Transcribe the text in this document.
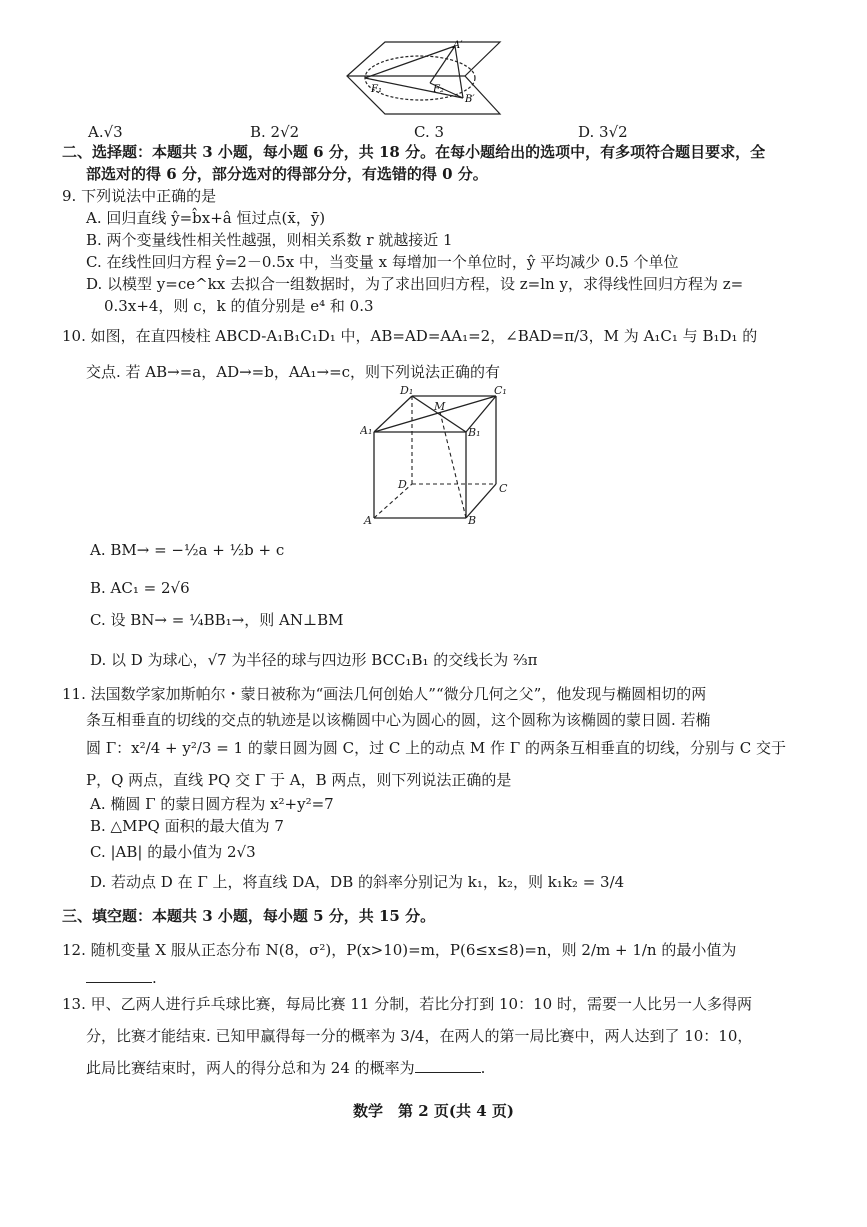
A′
F₁	F₂
B′
A.√3	B. 2√2	C. 3	D. 3√2
二、选择题：本题共 3 小题，每小题 6 分，共 18 分。在每小题给出的选项中，有多项符合题目要求，全
部选对的得 6 分，部分选对的得部分分，有选错的得 0 分。
9. 下列说法中正确的是
A. 回归直线 ŷ=b̂x+â 恒过点(x̄，ȳ)
B. 两个变量线性相关性越强，则相关系数 r 就越接近 1
C. 在线性回归方程 ŷ=2－0.5x 中，当变量 x 每增加一个单位时，ŷ 平均减少 0.5 个单位
D. 以模型 y=ce^kx 去拟合一组数据时，为了求出回归方程，设 z=ln y，求得线性回归方程为 z=
0.3x+4，则 c，k 的值分别是 e⁴ 和 0.3
10. 如图，在直四棱柱 ABCD-A₁B₁C₁D₁ 中，AB=AD=AA₁=2，∠BAD=π/3，M 为 A₁C₁ 与 B₁D₁ 的
交点. 若 AB→=a，AD→=b，AA₁→=c，则下列说法正确的有
D₁
M
C₁
A₁	B₁
D	C
A	B
A. BM→ = −½a + ½b + c
B. AC₁ = 2√6
C. 设 BN→ = ¼BB₁→，则 AN⊥BM
D. 以 D 为球心，√7 为半径的球与四边形 BCC₁B₁ 的交线长为 ⅔π
11. 法国数学家加斯帕尔・蒙日被称为“画法几何创始人”“微分几何之父”，他发现与椭圆相切的两
条互相垂直的切线的交点的轨迹是以该椭圆中心为圆心的圆，这个圆称为该椭圆的蒙日圆. 若椭
圆 Γ：x²/4 + y²/3 = 1 的蒙日圆为圆 C，过 C 上的动点 M 作 Γ 的两条互相垂直的切线，分别与 C 交于
P，Q 两点，直线 PQ 交 Γ 于 A，B 两点，则下列说法正确的是
A. 椭圆 Γ 的蒙日圆方程为 x²+y²=7
B. △MPQ 面积的最大值为 7
C. |AB| 的最小值为 2√3
D. 若动点 D 在 Γ 上，将直线 DA，DB 的斜率分别记为 k₁，k₂，则 k₁k₂ = 3/4
三、填空题：本题共 3 小题，每小题 5 分，共 15 分。
12. 随机变量 X 服从正态分布 N(8，σ²)，P(x>10)=m，P(6≤x≤8)=n，则 2/m + 1/n 的最小值为
.
13. 甲、乙两人进行乒乓球比赛，每局比赛 11 分制，若比分打到 10：10 时，需要一人比另一人多得两
分，比赛才能结束. 已知甲赢得每一分的概率为 3/4，在两人的第一局比赛中，两人达到了 10：10，
此局比赛结束时，两人的得分总和为 24 的概率为	.
数学　第 2 页(共 4 页)
